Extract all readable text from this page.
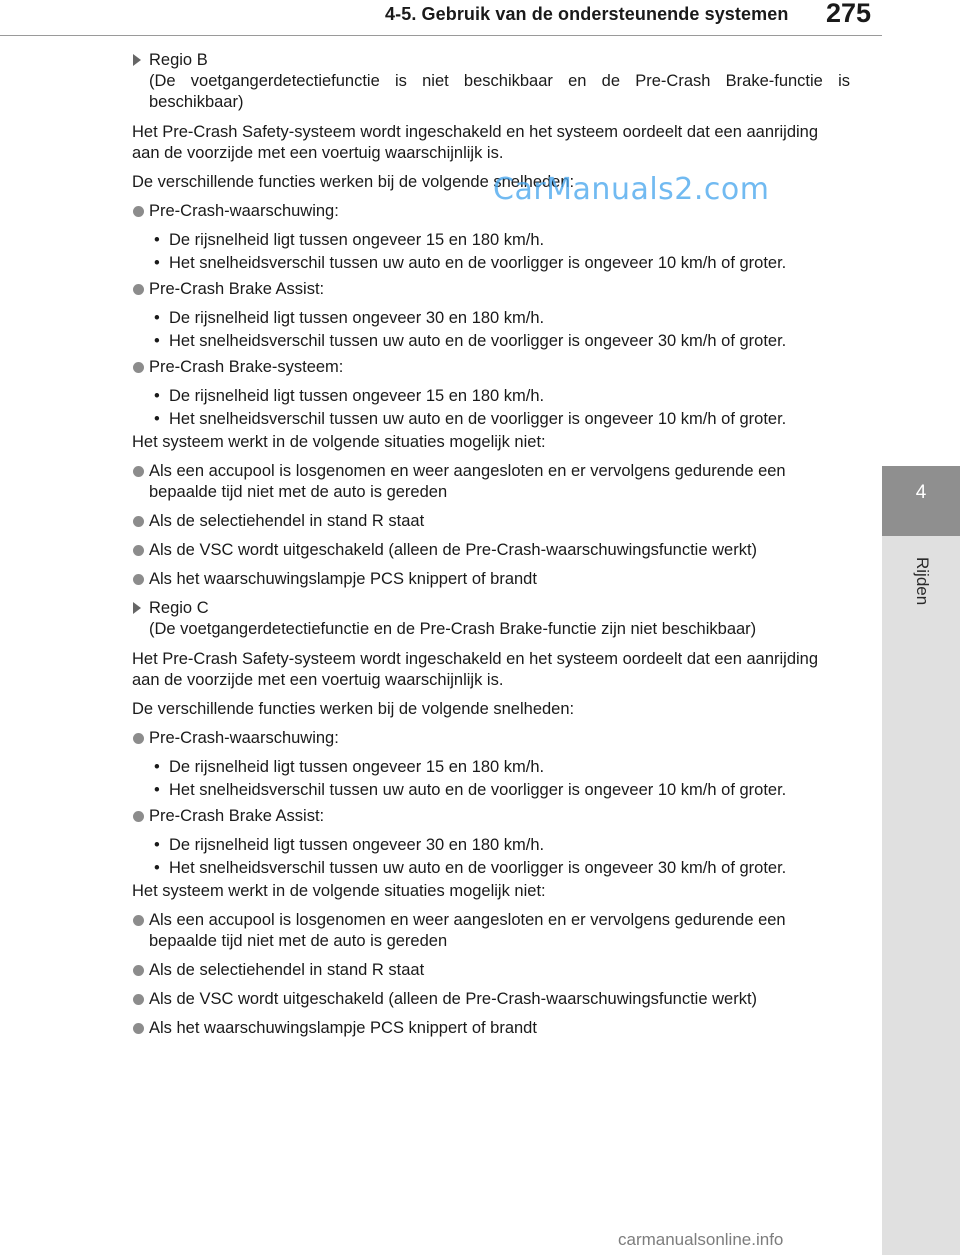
4-5. Gebruik van de ondersteunende systemen 275
4
Rijden
Regio B
(De voetgangerdetectiefunctie is niet beschikbaar en de Pre-Crash Brake-functie is beschikbaar)

Het Pre-Crash Safety-systeem wordt ingeschakeld en het systeem oordeelt dat een aanrijding aan de voorzijde met een voertuig waarschijnlijk is.

De verschillende functies werken bij de volgende snelheden:

Pre-Crash-waarschuwing:
• De rijsnelheid ligt tussen ongeveer 15 en 180 km/h.
• Het snelheidsverschil tussen uw auto en de voorligger is ongeveer 10 km/h of groter.
Pre-Crash Brake Assist:
• De rijsnelheid ligt tussen ongeveer 30 en 180 km/h.
• Het snelheidsverschil tussen uw auto en de voorligger is ongeveer 30 km/h of groter.
Pre-Crash Brake-systeem:
• De rijsnelheid ligt tussen ongeveer 15 en 180 km/h.
• Het snelheidsverschil tussen uw auto en de voorligger is ongeveer 10 km/h of groter.

Het systeem werkt in de volgende situaties mogelijk niet:

Als een accupool is losgenomen en weer aangesloten en er vervolgens gedurende een bepaalde tijd niet met de auto is gereden
Als de selectiehendel in stand R staat
Als de VSC wordt uitgeschakeld (alleen de Pre-Crash-waarschuwingsfunctie werkt)
Als het waarschuwingslampje PCS knippert of brandt
Regio C
(De voetgangerdetectiefunctie en de Pre-Crash Brake-functie zijn niet beschikbaar)

Het Pre-Crash Safety-systeem wordt ingeschakeld en het systeem oordeelt dat een aanrijding aan de voorzijde met een voertuig waarschijnlijk is.

De verschillende functies werken bij de volgende snelheden:

Pre-Crash-waarschuwing:
• De rijsnelheid ligt tussen ongeveer 15 en 180 km/h.
• Het snelheidsverschil tussen uw auto en de voorligger is ongeveer 10 km/h of groter.
Pre-Crash Brake Assist:
• De rijsnelheid ligt tussen ongeveer 30 en 180 km/h.
• Het snelheidsverschil tussen uw auto en de voorligger is ongeveer 30 km/h of groter.

Het systeem werkt in de volgende situaties mogelijk niet:

Als een accupool is losgenomen en weer aangesloten en er vervolgens gedurende een bepaalde tijd niet met de auto is gereden
Als de selectiehendel in stand R staat
Als de VSC wordt uitgeschakeld (alleen de Pre-Crash-waarschuwingsfunctie werkt)
Als het waarschuwingslampje PCS knippert of brandt
CarManuals2.com
carmanualsonline.info
